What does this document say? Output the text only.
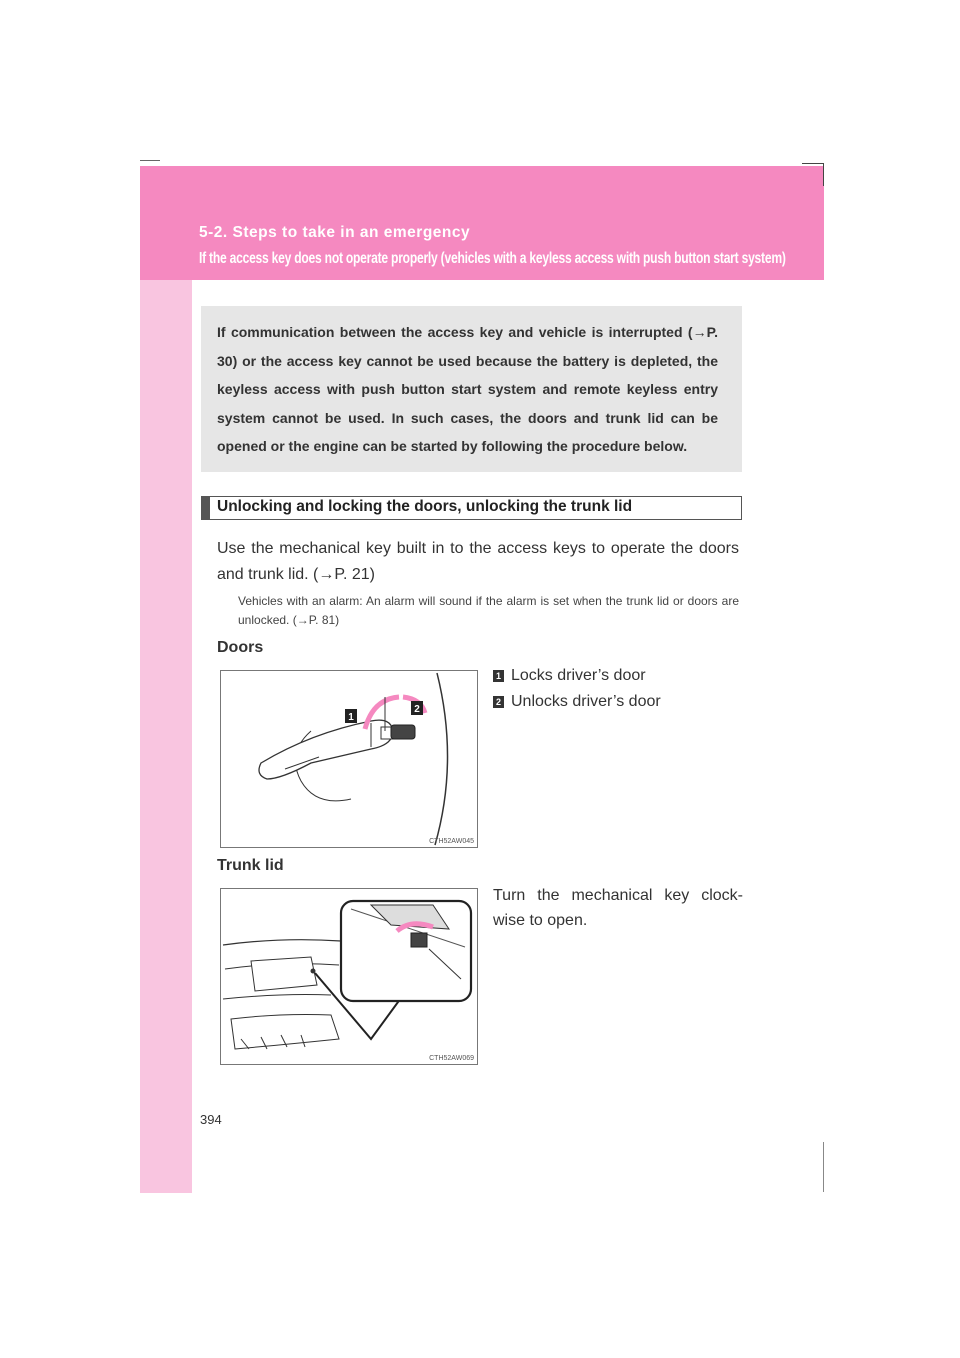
5-2. Steps to take in an emergency
If the access key does not operate properly (vehicles with a keyless access with push button start system)

If communication between the access key and vehicle is interrupted (→P. 30) or the access key cannot be used because the battery is depleted, the keyless access with push button start system and remote keyless entry system cannot be used. In such cases, the doors and trunk lid can be opened or the engine can be started by following the procedure below.

Unlocking and locking the doors, unlocking the trunk lid

Use the mechanical key built in to the access keys to operate the doors and trunk lid. (→P. 21)

Vehicles with an alarm: An alarm will sound if the alarm is set when the trunk lid or doors are unlocked. (→P. 81)

Doors
1
2
CTH52AW045
1 Locks driver’s door
2 Unlocks driver’s door
Trunk lid
CTH52AW069

Turn the mechanical key clock-wise to open.

394
